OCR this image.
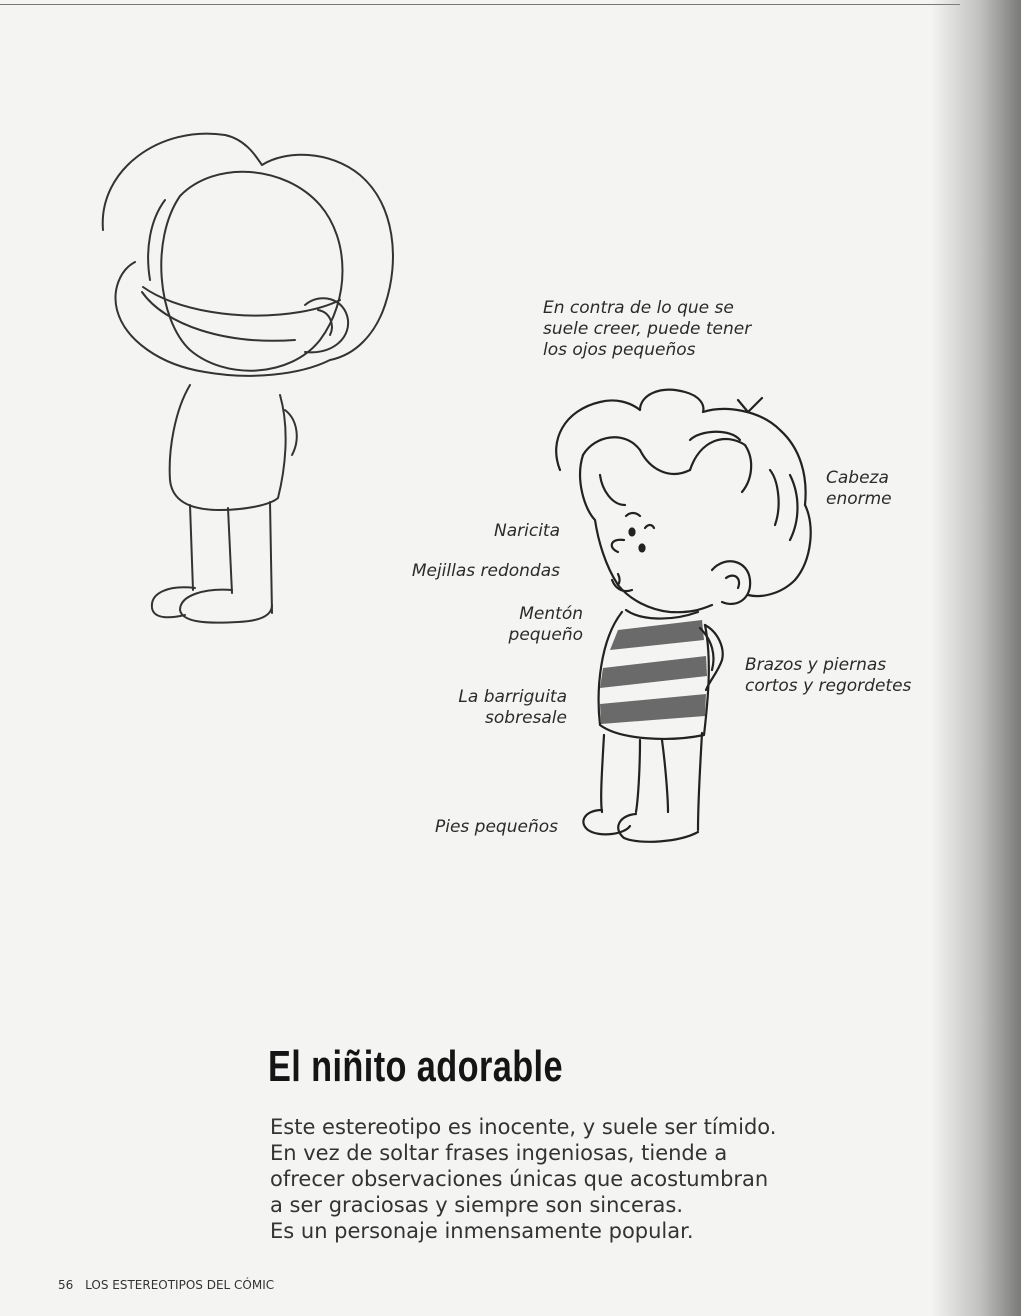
En contra de lo que se
suele creer, puede tener
los ojos pequeños
Cabeza
enorme
Naricita
Mejillas redondas
Mentón
pequeño
Brazos y piernas
cortos y regordetes
La barriguita
sobresale
Pies pequeños
El niñito adorable
Este estereotipo es inocente, y suele ser tímido.
En vez de soltar frases ingeniosas, tiende a
ofrecer observaciones únicas que acostumbran
a ser graciosas y siempre son sinceras.
Es un personaje inmensamente popular.
56 LOS ESTEREOTIPOS DEL CÓMIC
